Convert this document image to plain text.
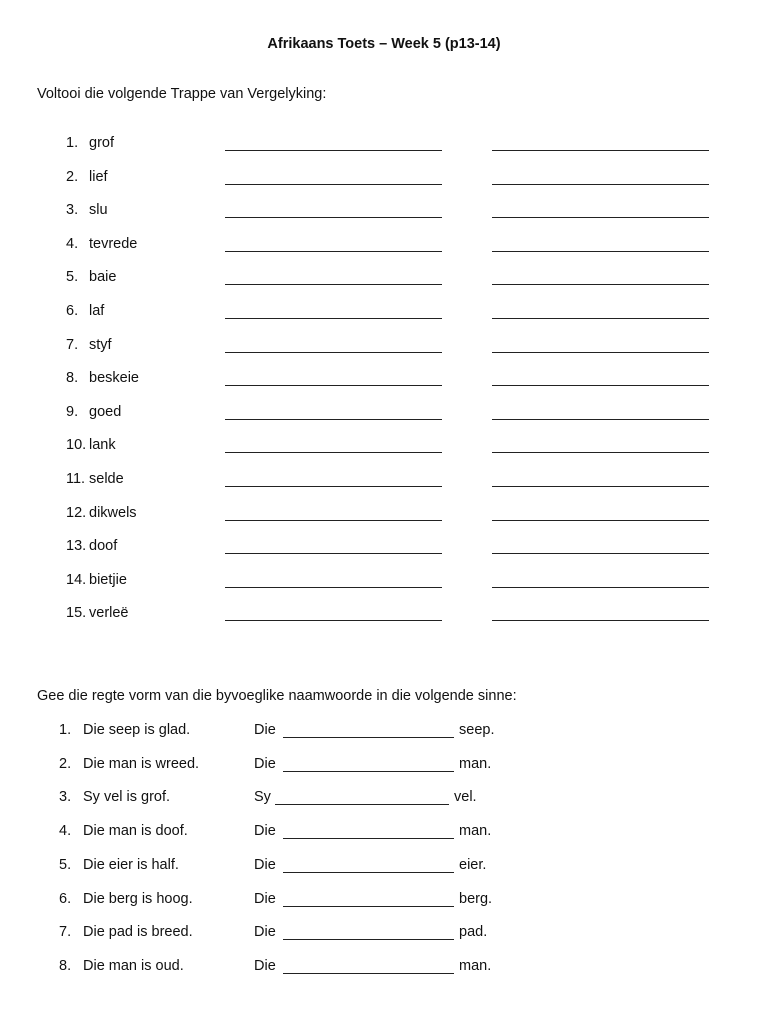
Afrikaans Toets – Week 5 (p13-14)
Voltooi die volgende Trappe van Vergelyking:
1. grof
2. lief
3. slu
4. tevrede
5. baie
6. laf
7. styf
8. beskeie
9. goed
10. lank
11. selde
12. dikwels
13. doof
14. bietjie
15. verleë
Gee die regte vorm van die byvoeglike naamwoorde in die volgende sinne:
1. Die seep is glad.	Die	seep.
2. Die man is wreed.	Die	man.
3. Sy vel is grof.	Sy	vel.
4. Die man is doof.	Die	man.
5. Die eier is half.	Die	eier.
6. Die berg is hoog.	Die	berg.
7. Die pad is breed.	Die	pad.
8. Die man is oud.	Die	man.
